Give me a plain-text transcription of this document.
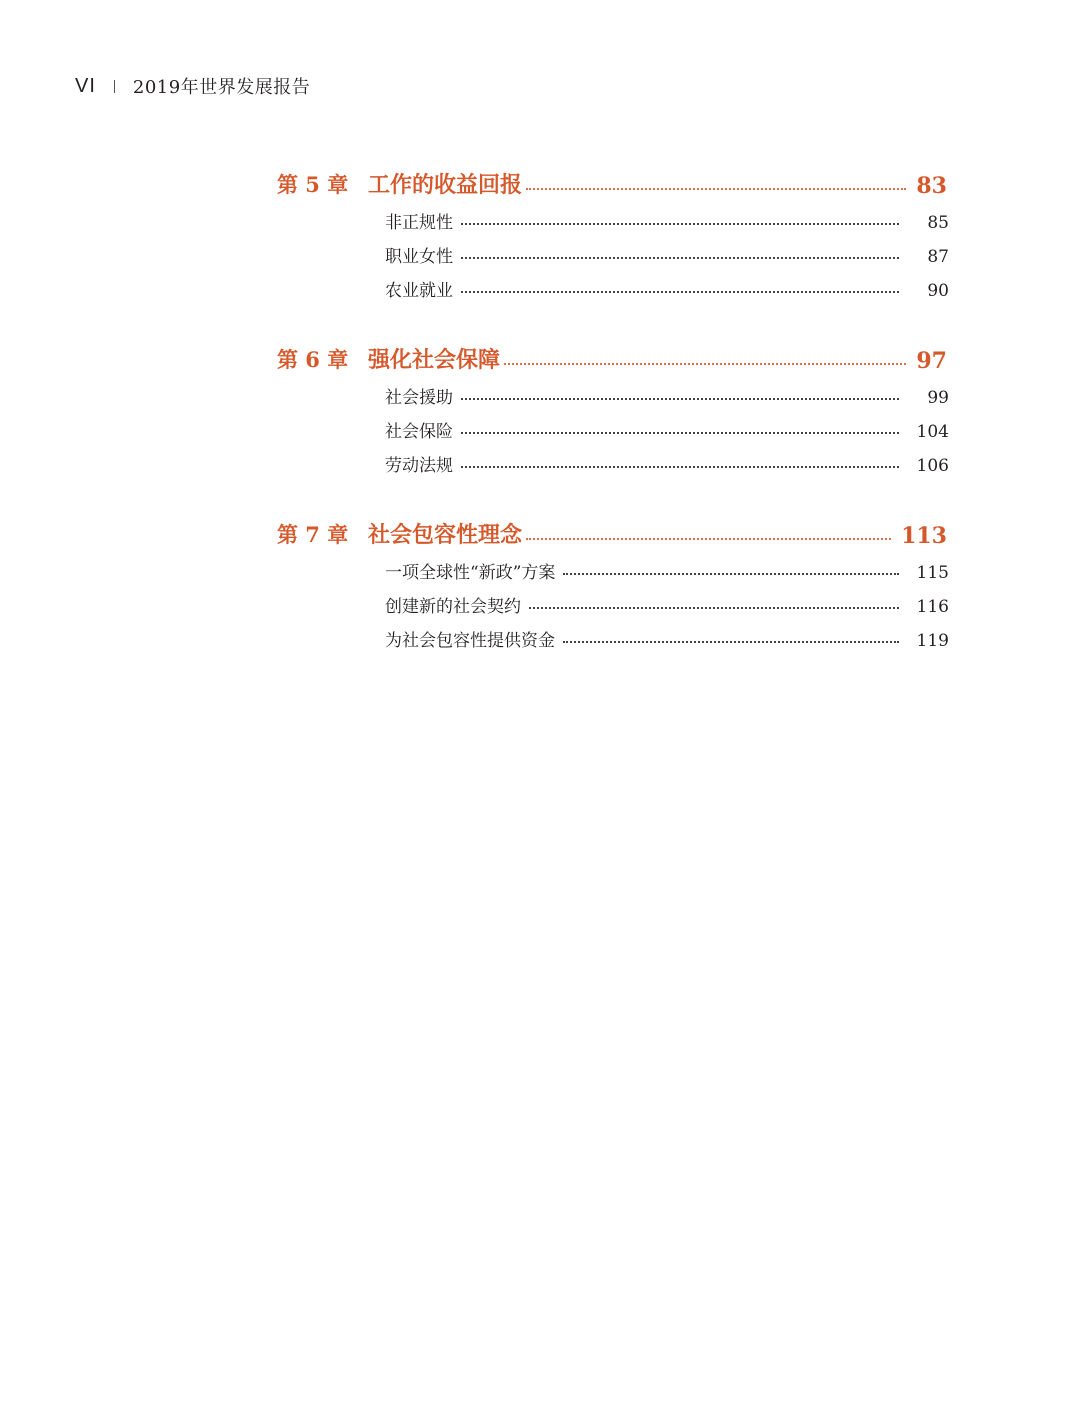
VI 2019年世界发展报告
第 5 章 工作的收益回报	83
非正规性	85
职业女性	87
农业就业	90
第 6 章 强化社会保障	97
社会援助	99
社会保险	104
劳动法规	106
第 7 章 社会包容性理念	113
一项全球性“新政”方案	115
创建新的社会契约	116
为社会包容性提供资金	119
